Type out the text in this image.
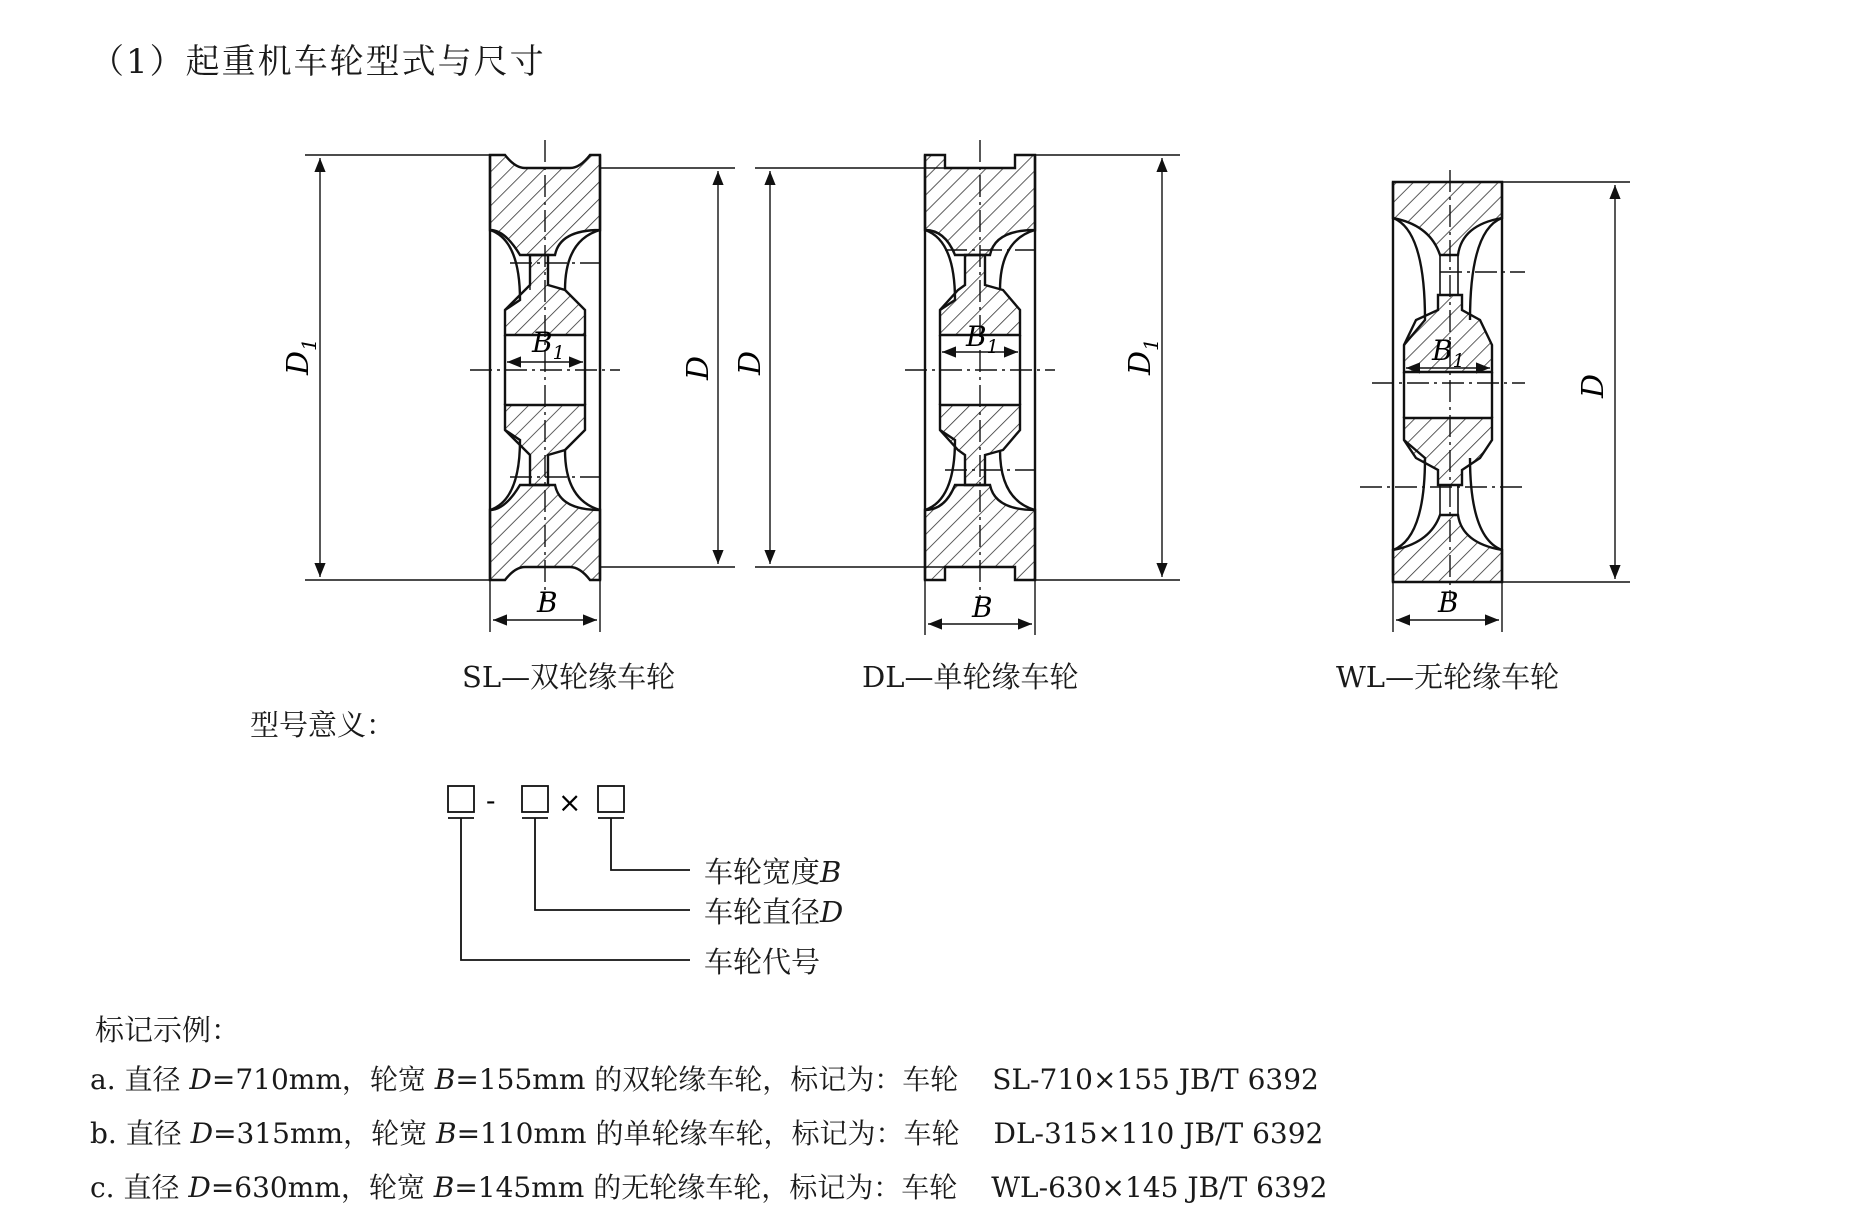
（1）起重机车轮型式与尺寸
$D_1$
D
B
$B_1$	D	$D_1$
B
$B_1$
D
B
$B_1$
- ×
SL—双轮缘车轮	DL—单轮缘车轮	WL—无轮缘车轮
型号意义：
车轮宽度B
车轮直径D
车轮代号
标记示例：
a. 直径 D=710mm，轮宽 B=155mm 的双轮缘车轮，标记为：车轮 SL-710×155 JB/T 6392
b. 直径 D=315mm，轮宽 B=110mm 的单轮缘车轮，标记为：车轮 DL-315×110 JB/T 6392
c. 直径 D=630mm，轮宽 B=145mm 的无轮缘车轮，标记为：车轮 WL-630×145 JB/T 6392
